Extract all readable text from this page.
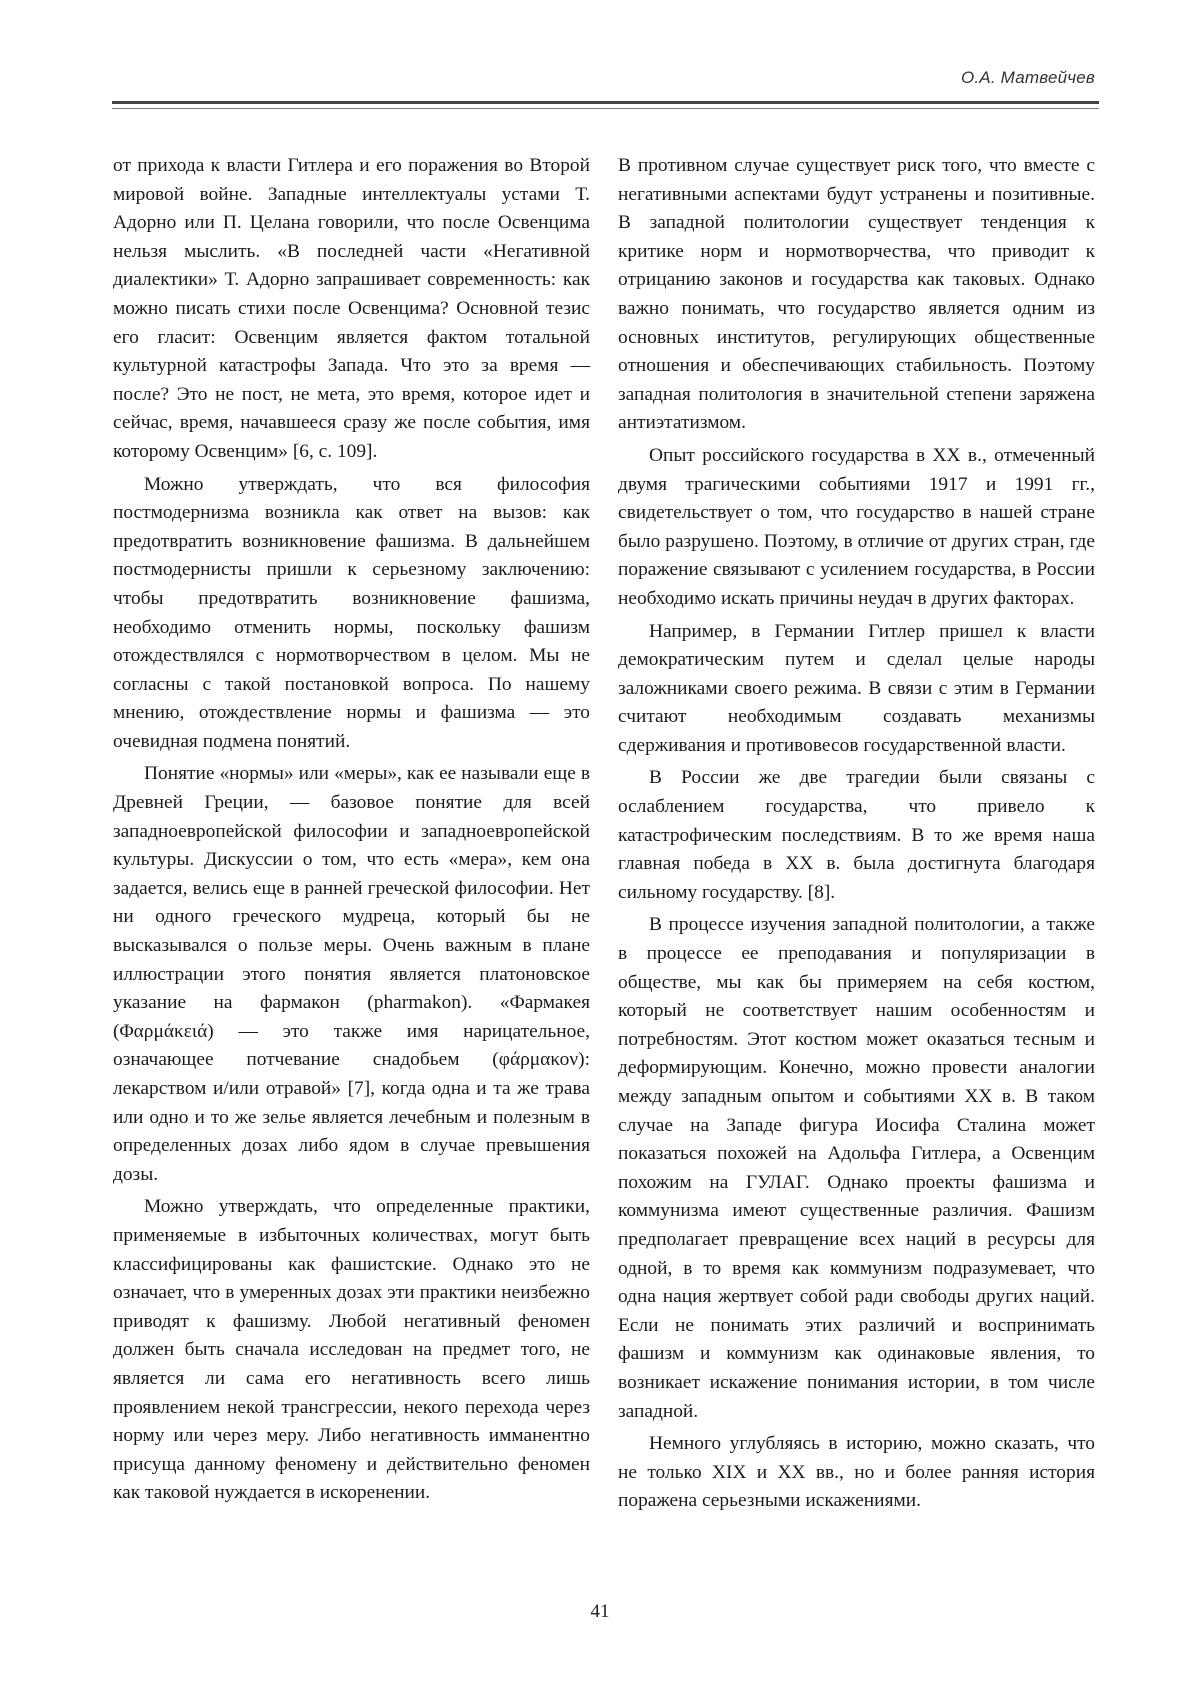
О.А. Матвейчев

от прихода к власти Гитлера и его поражения во Второй мировой войне. Западные интеллектуалы устами Т. Адорно или П. Целана говорили, что после Освенцима нельзя мыслить. «В последней части «Негативной диалектики» Т. Адорно запрашивает современность: как можно писать стихи после Освенцима? Основной тезис его гласит: Освенцим является фактом тотальной культурной катастрофы Запада. Что это за время — после? Это не пост, не мета, это время, которое идет и сейчас, время, начавшееся сразу же после события, имя которому Освенцим» [6, с. 109].

Можно утверждать, что вся философия постмодернизма возникла как ответ на вызов: как предотвратить возникновение фашизма. В дальнейшем постмодернисты пришли к серьезному заключению: чтобы предотвратить возникновение фашизма, необходимо отменить нормы, поскольку фашизм отождествлялся с нормотворчеством в целом. Мы не согласны с такой постановкой вопроса. По нашему мнению, отождествление нормы и фашизма — это очевидная подмена понятий.

Понятие «нормы» или «меры», как ее называли еще в Древней Греции, — базовое понятие для всей западноевропейской философии и западноевропейской культуры. Дискуссии о том, что есть «мера», кем она задается, велись еще в ранней греческой философии. Нет ни одного греческого мудреца, который бы не высказывался о пользе меры. Очень важным в плане иллюстрации этого понятия является платоновское указание на фармакон (pharmakon). «Фармакея (Φαρμάκειά) — это также имя нарицательное, означающее потчевание снадобьем (φάρμακον): лекарством и/или отравой» [7], когда одна и та же трава или одно и то же зелье является лечебным и полезным в определенных дозах либо ядом в случае превышения дозы.

Можно утверждать, что определенные практики, применяемые в избыточных количествах, могут быть классифицированы как фашистские. Однако это не означает, что в умеренных дозах эти практики неизбежно приводят к фашизму. Любой негативный феномен должен быть сначала исследован на предмет того, не является ли сама его негативность всего лишь проявлением некой трансгрессии, некого перехода через норму или через меру. Либо негативность имманентно присуща данному феномену и действительно феномен как таковой нуждается в искоренении.

В противном случае существует риск того, что вместе с негативными аспектами будут устранены и позитивные. В западной политологии существует тенденция к критике норм и нормотворчества, что приводит к отрицанию законов и государства как таковых. Однако важно понимать, что государство является одним из основных институтов, регулирующих общественные отношения и обеспечивающих стабильность. Поэтому западная политология в значительной степени заряжена антиэтатизмом.

Опыт российского государства в XX в., отмеченный двумя трагическими событиями 1917 и 1991 гг., свидетельствует о том, что государство в нашей стране было разрушено. Поэтому, в отличие от других стран, где поражение связывают с усилением государства, в России необходимо искать причины неудач в других факторах.

Например, в Германии Гитлер пришел к власти демократическим путем и сделал целые народы заложниками своего режима. В связи с этим в Германии считают необходимым создавать механизмы сдерживания и противовесов государственной власти.

В России же две трагедии были связаны с ослаблением государства, что привело к катастрофическим последствиям. В то же время наша главная победа в XX в. была достигнута благодаря сильному государству. [8].

В процессе изучения западной политологии, а также в процессе ее преподавания и популяризации в обществе, мы как бы примеряем на себя костюм, который не соответствует нашим особенностям и потребностям. Этот костюм может оказаться тесным и деформирующим. Конечно, можно провести аналогии между западным опытом и событиями XX в. В таком случае на Западе фигура Иосифа Сталина может показаться похожей на Адольфа Гитлера, а Освенцим похожим на ГУЛАГ. Однако проекты фашизма и коммунизма имеют существенные различия. Фашизм предполагает превращение всех наций в ресурсы для одной, в то время как коммунизм подразумевает, что одна нация жертвует собой ради свободы других наций. Если не понимать этих различий и воспринимать фашизм и коммунизм как одинаковые явления, то возникает искажение понимания истории, в том числе западной.

Немного углубляясь в историю, можно сказать, что не только XIX и XX вв., но и более ранняя история поражена серьезными искажениями.

41
